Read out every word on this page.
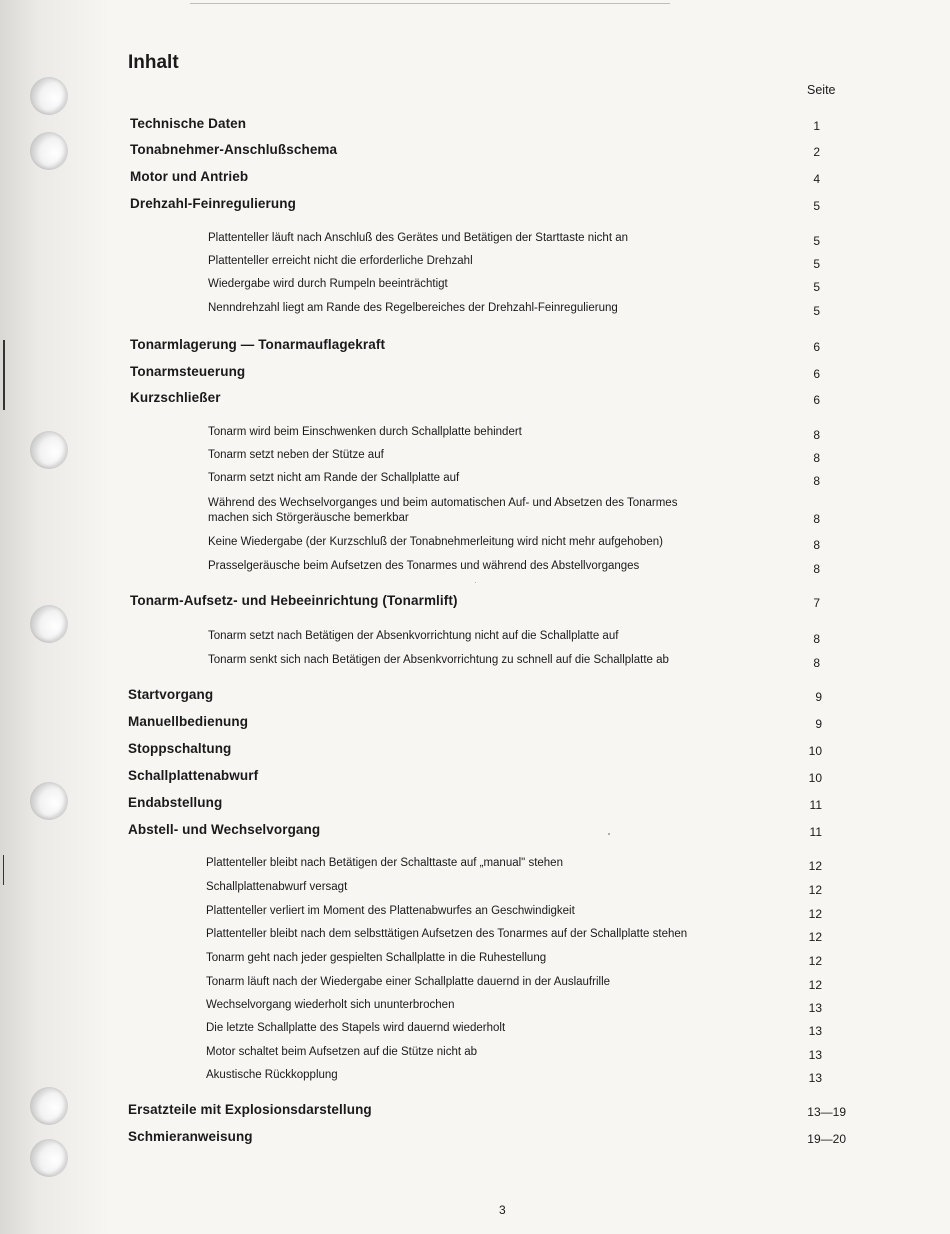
Inhalt
Seite
Technische Daten	1
Tonabnehmer-Anschlußschema	2
Motor und Antrieb	4
Drehzahl-Feinregulierung	5
Plattenteller läuft nach Anschluß des Gerätes und Betätigen der Starttaste nicht an	5
Plattenteller erreicht nicht die erforderliche Drehzahl	5
Wiedergabe wird durch Rumpeln beeinträchtigt	5
Nenndrehzahl liegt am Rande des Regelbereiches der Drehzahl-Feinregulierung	5
Tonarmlagerung — Tonarmauflagekraft	6
Tonarmsteuerung	6
Kurzschließer	6
Tonarm wird beim Einschwenken durch Schallplatte behindert	8
Tonarm setzt neben der Stütze auf	8
Tonarm setzt nicht am Rande der Schallplatte auf	8
Während des Wechselvorganges und beim automatischen Auf- und Absetzen des Tonarmes
machen sich Störgeräusche bemerkbar	8
Keine Wiedergabe (der Kurzschluß der Tonabnehmerleitung wird nicht mehr aufgehoben)	8
Prasselgeräusche beim Aufsetzen des Tonarmes und während des Abstellvorganges	8
Tonarm-Aufsetz- und Hebeeinrichtung (Tonarmlift)	7
Tonarm setzt nach Betätigen der Absenkvorrichtung nicht auf die Schallplatte auf	8
Tonarm senkt sich nach Betätigen der Absenkvorrichtung zu schnell auf die Schallplatte ab	8
Startvorgang	9
Manuellbedienung	9
Stoppschaltung	10
Schallplattenabwurf	10
Endabstellung	11
Abstell- und Wechselvorgang	11
Plattenteller bleibt nach Betätigen der Schalttaste auf „manual" stehen	12
Schallplattenabwurf versagt	12
Plattenteller verliert im Moment des Plattenabwurfes an Geschwindigkeit	12
Plattenteller bleibt nach dem selbsttätigen Aufsetzen des Tonarmes auf der Schallplatte stehen	12
Tonarm geht nach jeder gespielten Schallplatte in die Ruhestellung	12
Tonarm läuft nach der Wiedergabe einer Schallplatte dauernd in der Auslaufrille	12
Wechselvorgang wiederholt sich ununterbrochen	13
Die letzte Schallplatte des Stapels wird dauernd wiederholt	13
Motor schaltet beim Aufsetzen auf die Stütze nicht ab	13
Akustische Rückkopplung	13
Ersatzteile mit Explosionsdarstellung	13—19
Schmieranweisung	19—20
3
